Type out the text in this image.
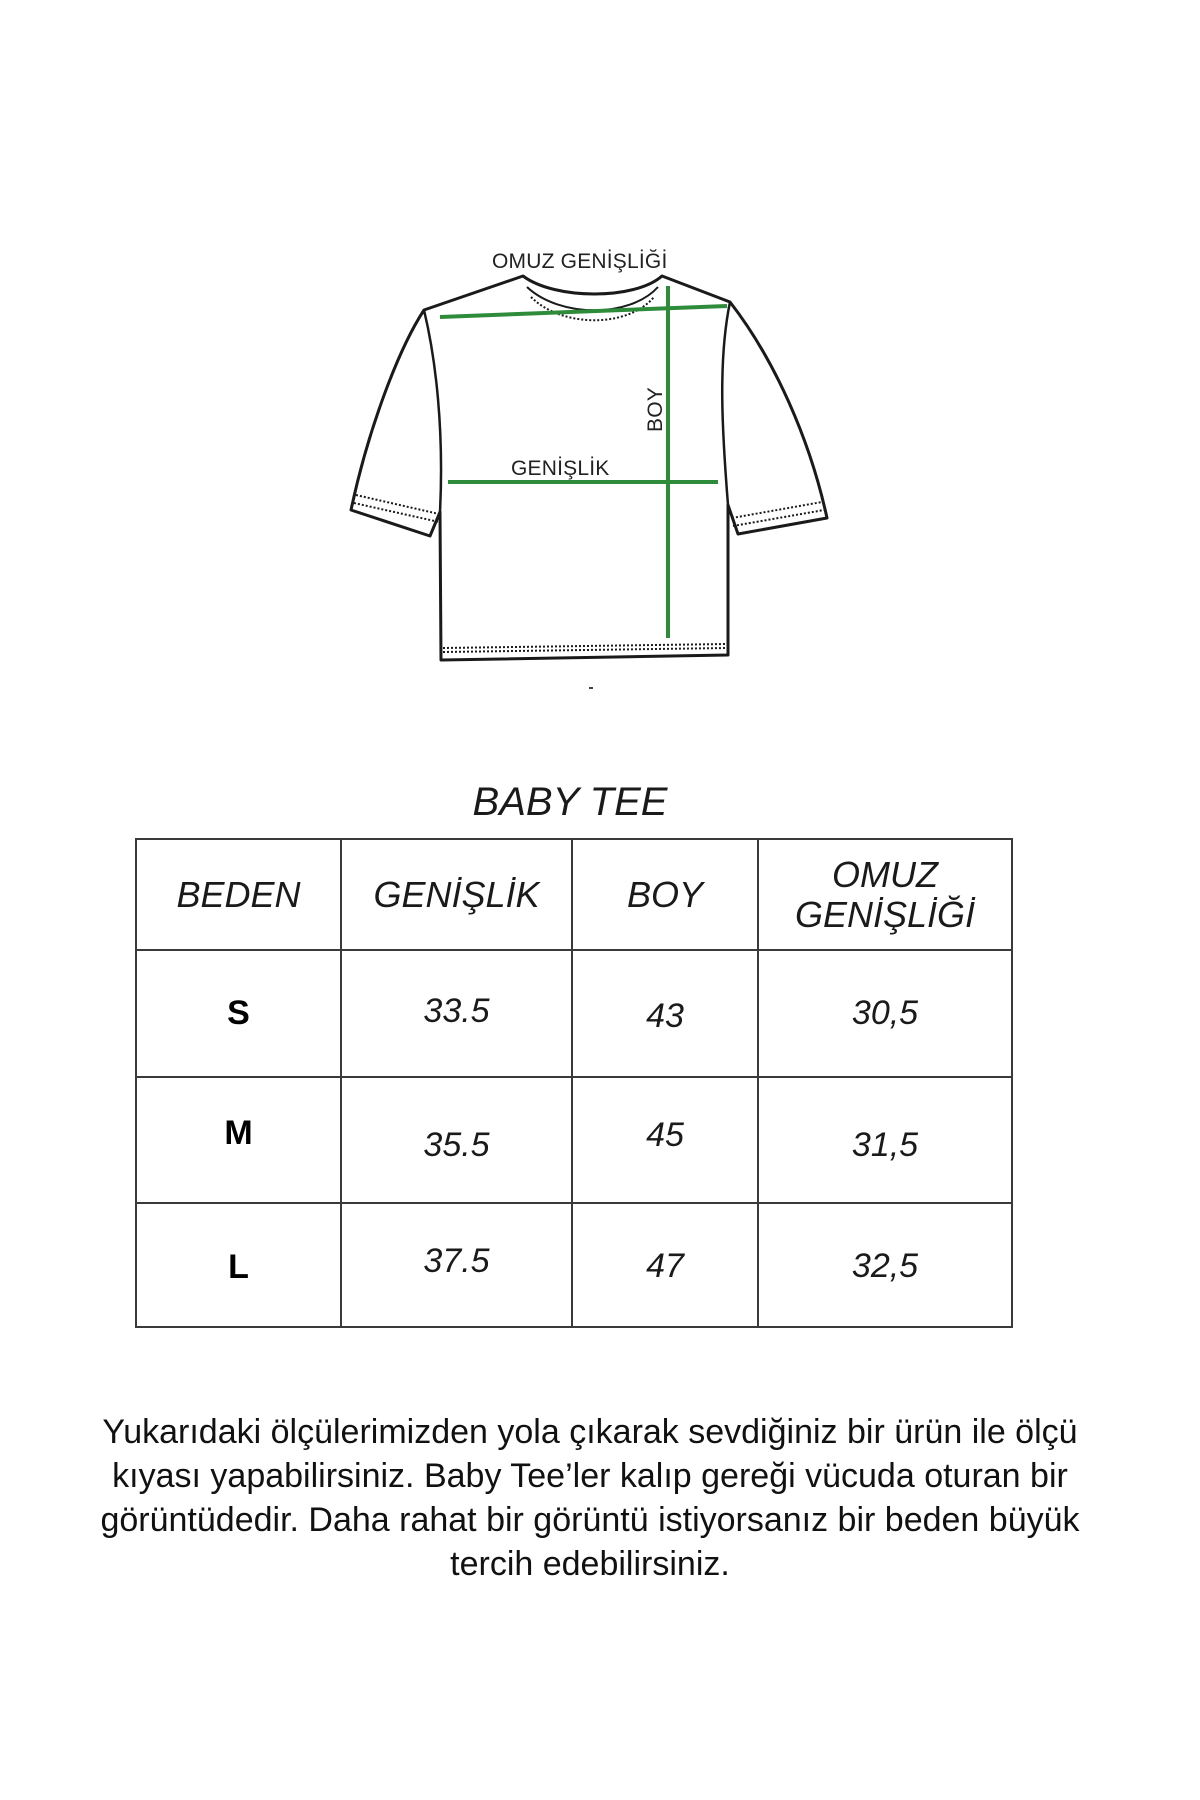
OMUZ GENİŞLİĞİ
GENİŞLİK
BOY
BABY TEE
BEDEN	GENİŞLİK	BOY	OMUZ
GENİŞLİĞİ
S	33.5	43	30,5
M	35.5	45	31,5
L	37.5	47	32,5
Yukarıdaki ölçülerimizden yola çıkarak sevdiğiniz bir ürün ile ölçü kıyası yapabilirsiniz. Baby Tee’ler kalıp gereği vücuda oturan bir görüntüdedir. Daha rahat bir görüntü istiyorsanız bir beden büyük tercih edebilirsiniz.
